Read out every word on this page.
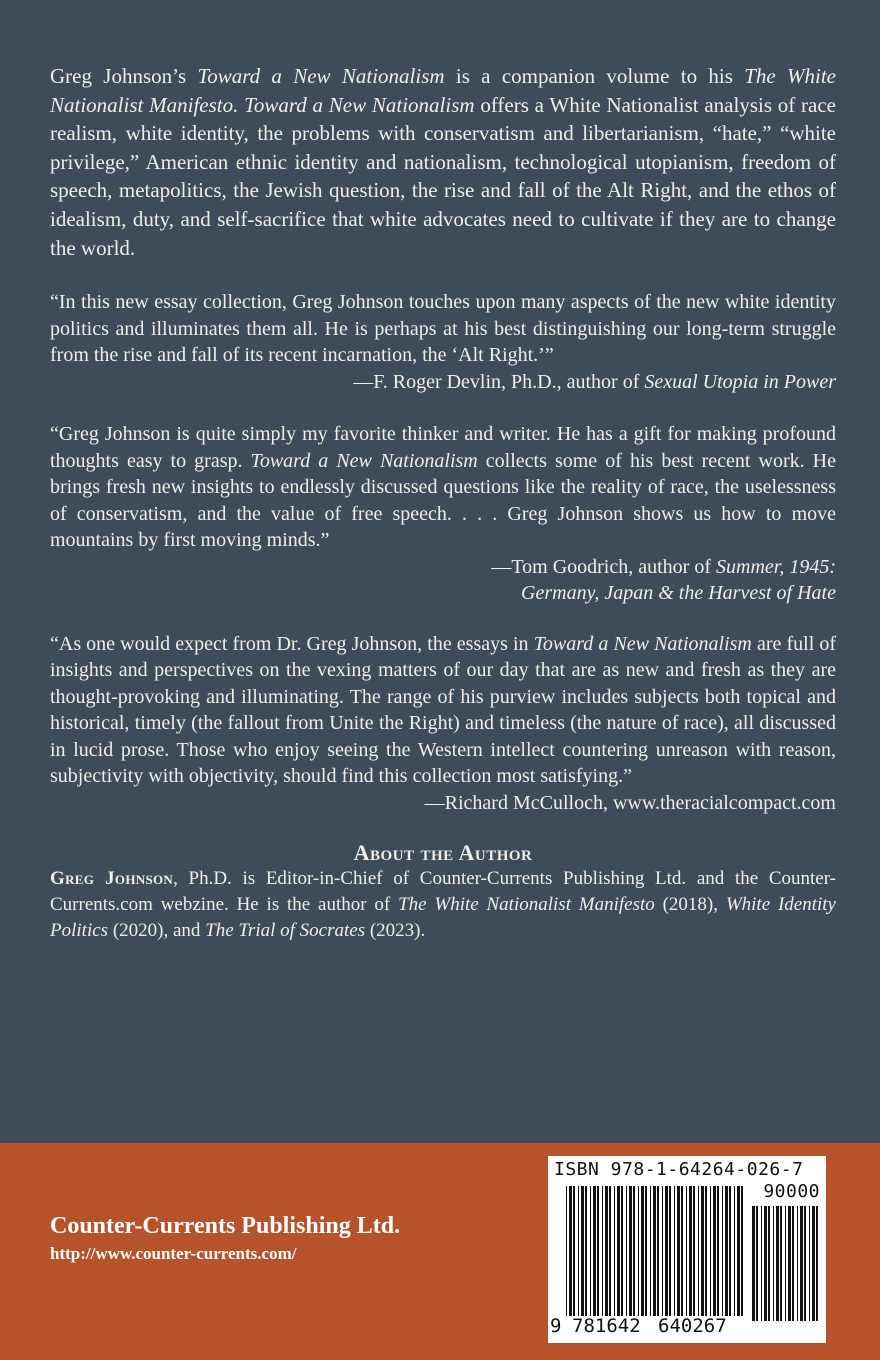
Greg Johnson’s Toward a New Nationalism is a companion volume to his The White Nationalist Manifesto. Toward a New Nationalism offers a White Nationalist analysis of race realism, white identity, the problems with conservatism and libertarianism, “hate,” “white privilege,” American ethnic identity and nationalism, technological utopianism, freedom of speech, metapolitics, the Jewish question, the rise and fall of the Alt Right, and the ethos of idealism, duty, and self-sacrifice that white advocates need to cultivate if they are to change the world.

“In this new essay collection, Greg Johnson touches upon many aspects of the new white identity politics and illuminates them all. He is perhaps at his best distinguishing our long-term struggle from the rise and fall of its recent incarnation, the ‘Alt Right.’”

—F. Roger Devlin, Ph.D., author of Sexual Utopia in Power

“Greg Johnson is quite simply my favorite thinker and writer. He has a gift for making profound thoughts easy to grasp. Toward a New Nationalism collects some of his best recent work. He brings fresh new insights to endlessly discussed questions like the reality of race, the uselessness of conservatism, and the value of free speech. . . . Greg Johnson shows us how to move mountains by first moving minds.”

—Tom Goodrich, author of Summer, 1945:
Germany, Japan & the Harvest of Hate

“As one would expect from Dr. Greg Johnson, the essays in Toward a New Nationalism are full of insights and perspectives on the vexing matters of our day that are as new and fresh as they are thought-provoking and illuminating. The range of his purview includes subjects both topical and historical, timely (the fallout from Unite the Right) and timeless (the nature of race), all discussed in lucid prose. Those who enjoy seeing the Western intellect countering unreason with reason, subjectivity with objectivity, should find this collection most satisfying.”

—Richard McCulloch, www.theracialcompact.com

About the Author

Greg Johnson, Ph.D. is Editor-in-Chief of Counter-Currents Publishing Ltd. and the Counter-Currents.com webzine. He is the author of The White Nationalist Manifesto (2018), White Identity Politics (2020), and The Trial of Socrates (2023).

Counter-Currents Publishing Ltd.
http://www.counter-currents.com/
ISBN 978-1-64264-026-7
90000
9 781642 640267
